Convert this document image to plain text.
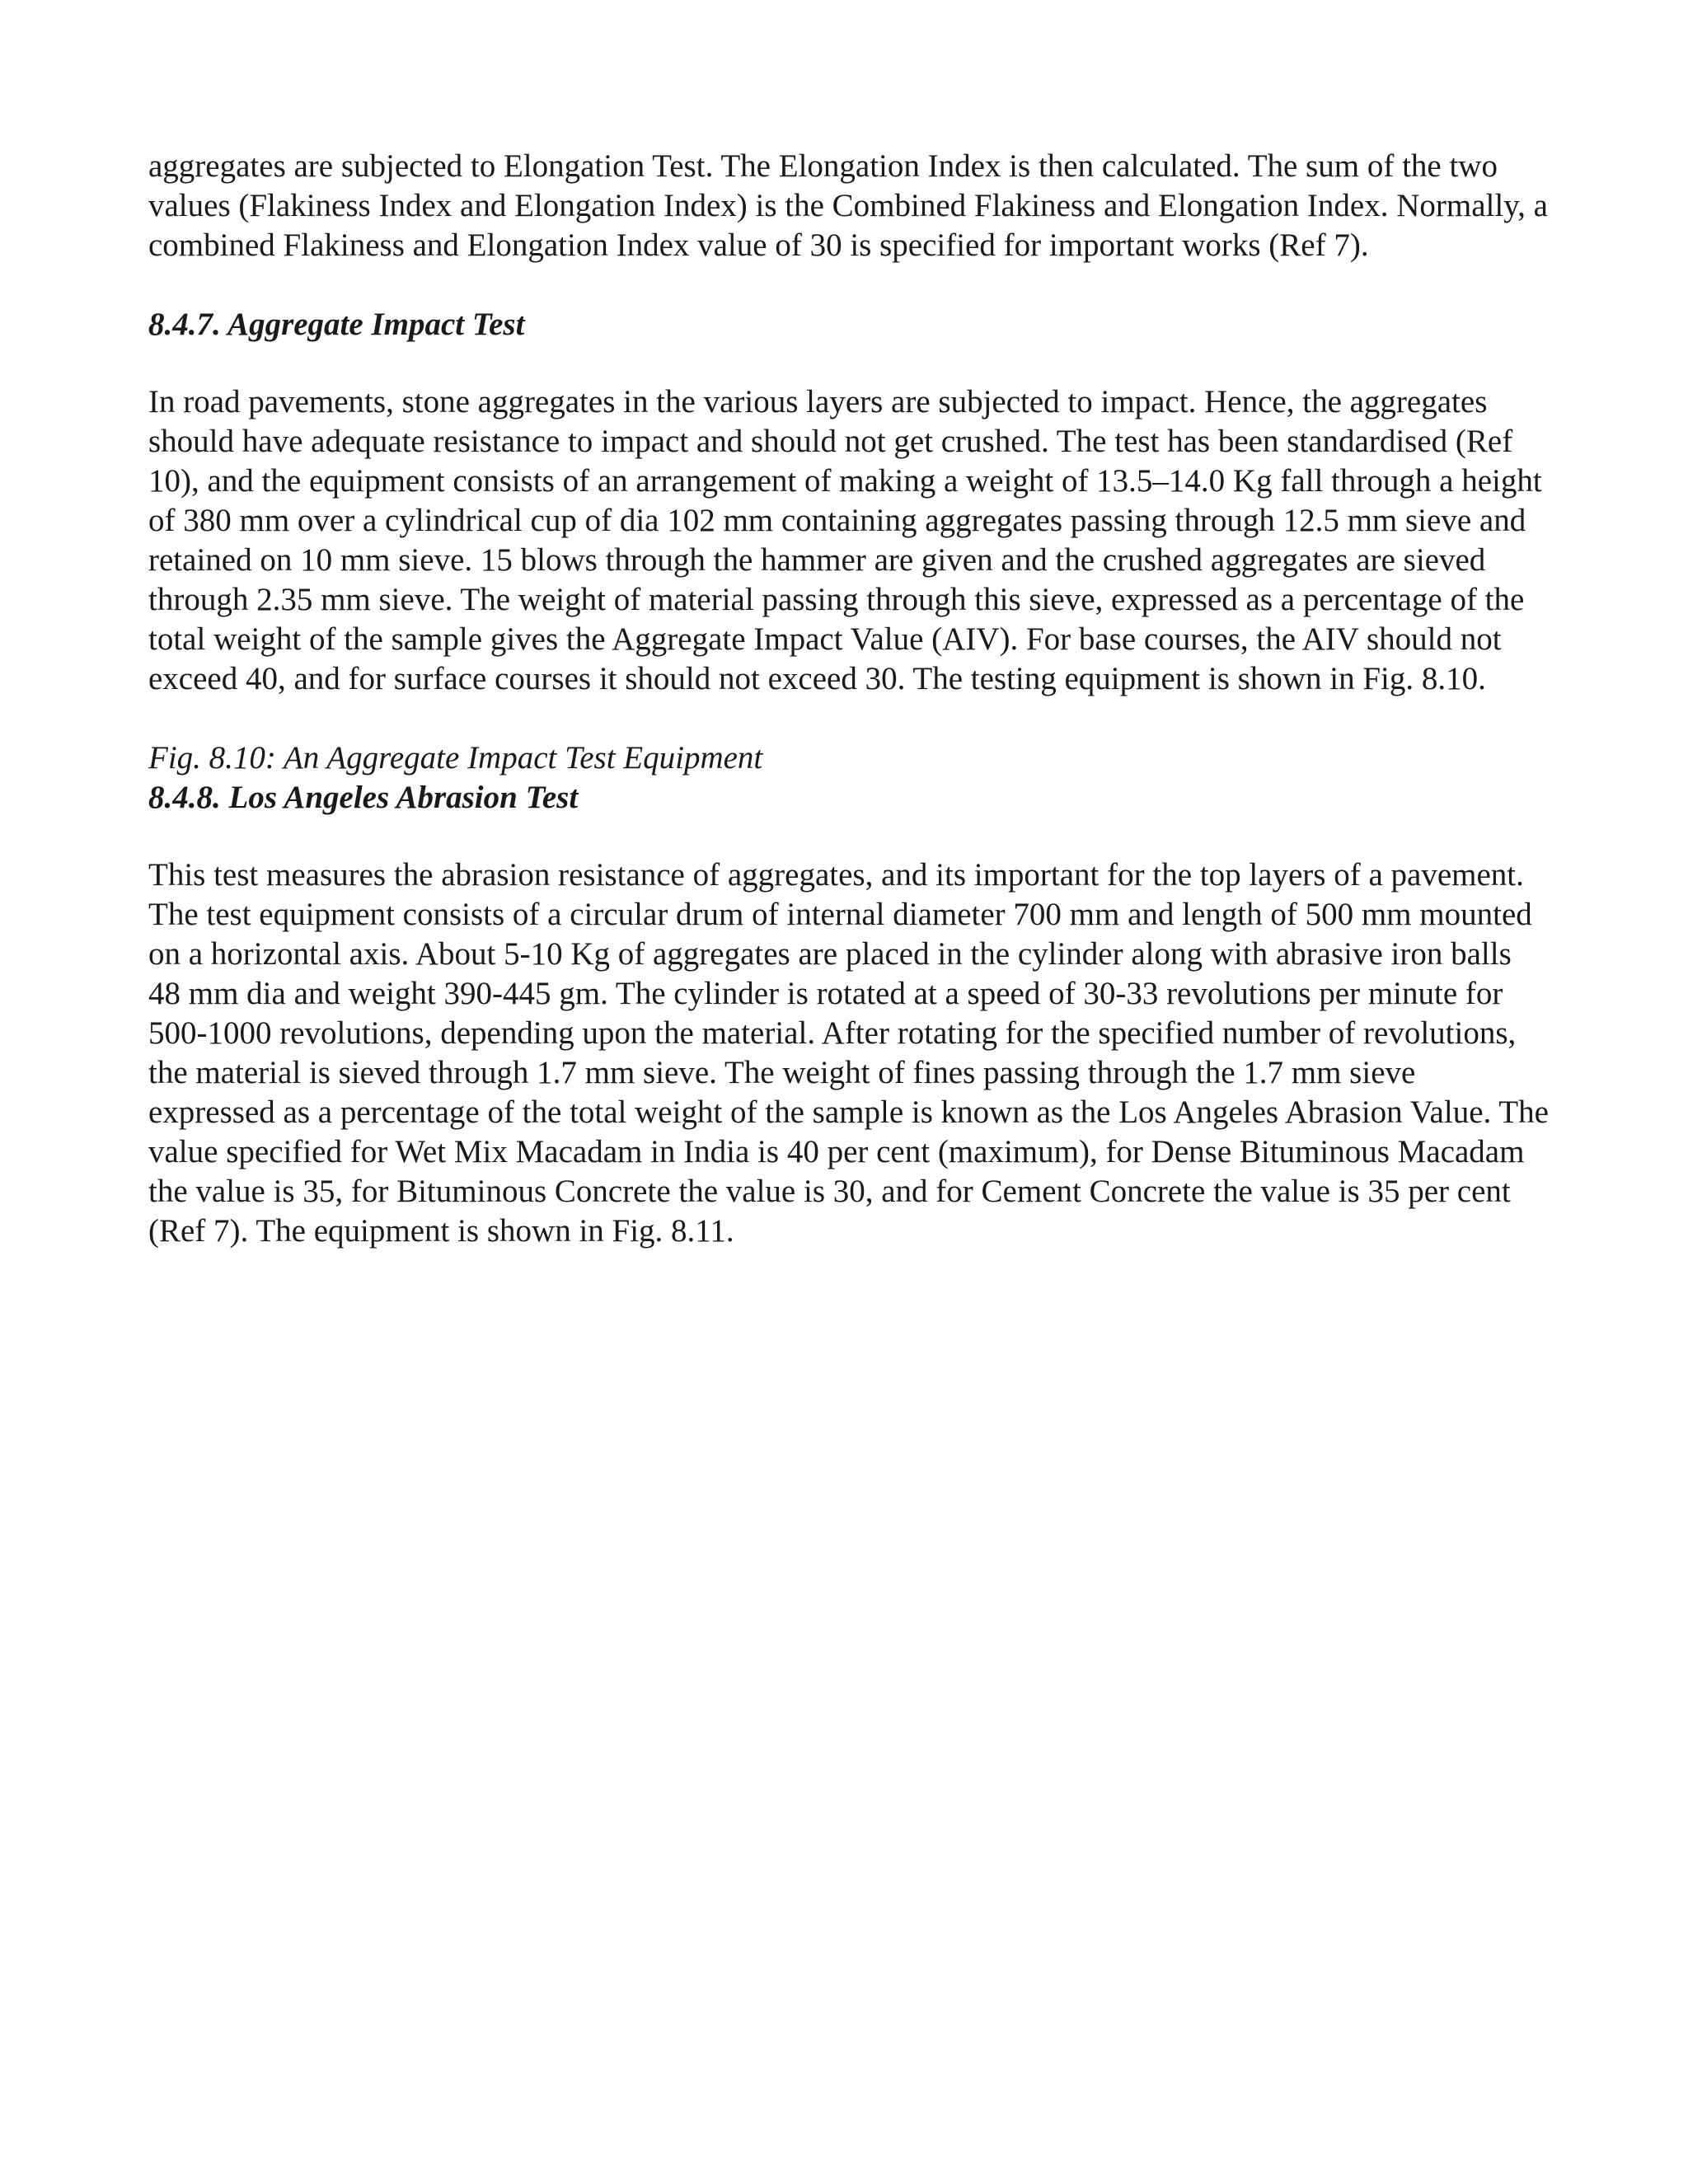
aggregates are subjected to Elongation Test. The Elongation Index is then calculated. The sum of the two values (Flakiness Index and Elongation Index) is the Combined Flakiness and Elongation Index. Normally, a combined Flakiness and Elongation Index value of 30 is specified for important works (Ref 7).

8.4.7. Aggregate Impact Test

In road pavements, stone aggregates in the various layers are subjected to impact. Hence, the aggregates should have adequate resistance to impact and should not get crushed. The test has been standardised (Ref 10), and the equipment consists of an arrangement of making a weight of 13.5–14.0 Kg fall through a height of 380 mm over a cylindrical cup of dia 102 mm containing aggregates passing through 12.5 mm sieve and retained on 10 mm sieve. 15 blows through the hammer are given and the crushed aggregates are sieved through 2.35 mm sieve. The weight of material passing through this sieve, expressed as a percentage of the total weight of the sample gives the Aggregate Impact Value (AIV). For base courses, the AIV should not exceed 40, and for surface courses it should not exceed 30. The testing equipment is shown in Fig. 8.10.

Fig. 8.10: An Aggregate Impact Test Equipment

8.4.8. Los Angeles Abrasion Test

This test measures the abrasion resistance of aggregates, and its important for the top layers of a pavement. The test equipment consists of a circular drum of internal diameter 700 mm and length of 500 mm mounted on a horizontal axis. About 5-10 Kg of aggregates are placed in the cylinder along with abrasive iron balls 48 mm dia and weight 390-445 gm. The cylinder is rotated at a speed of 30-33 revolutions per minute for 500-1000 revolutions, depending upon the material. After rotating for the specified number of revolutions, the material is sieved through 1.7 mm sieve. The weight of fines passing through the 1.7 mm sieve expressed as a percentage of the total weight of the sample is known as the Los Angeles Abrasion Value. The value specified for Wet Mix Macadam in India is 40 per cent (maximum), for Dense Bituminous Macadam the value is 35, for Bituminous Concrete the value is 30, and for Cement Concrete the value is 35 per cent (Ref 7). The equipment is shown in Fig. 8.11.
